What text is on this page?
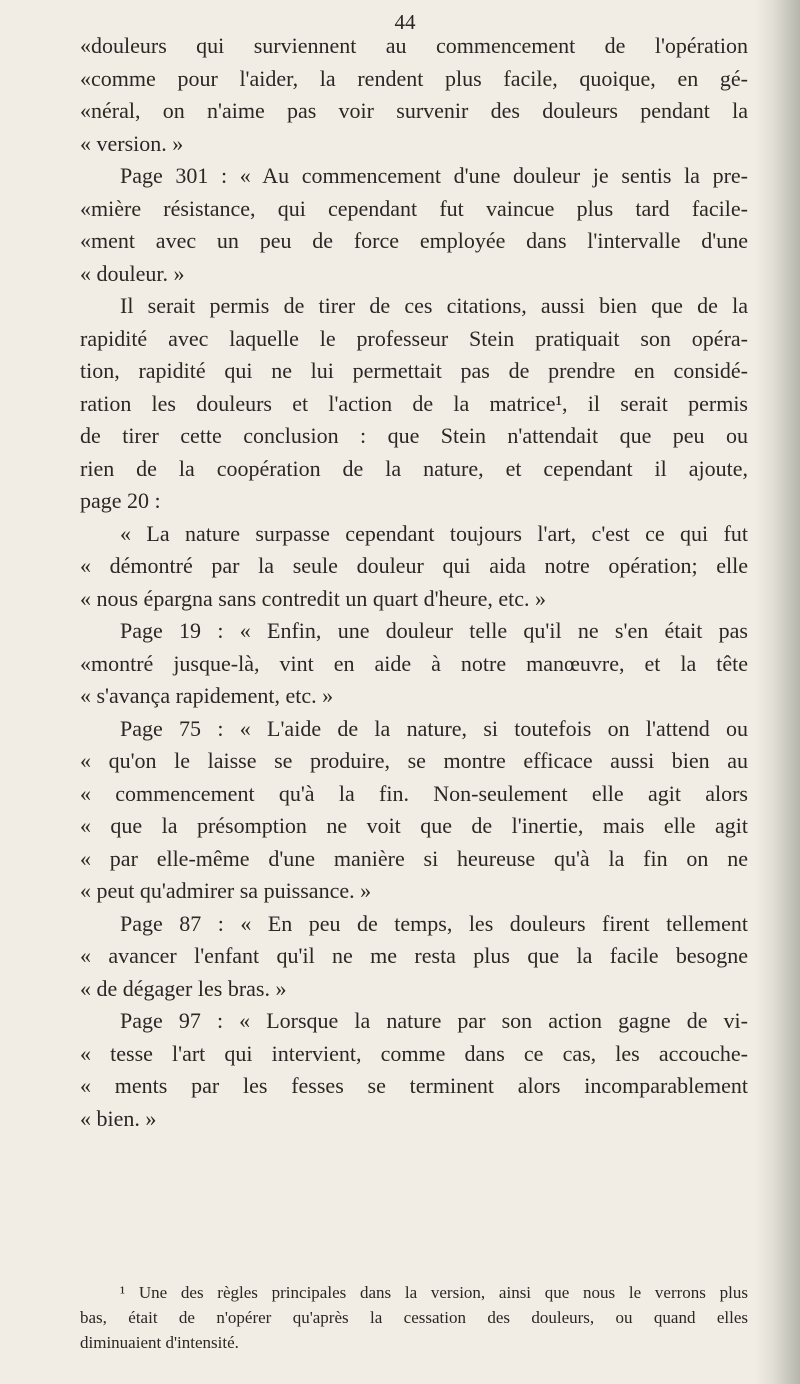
44
«douleurs qui surviennent au commencement de l'opération
«comme pour l'aider, la rendent plus facile, quoique, en gé-
«néral, on n'aime pas voir survenir des douleurs pendant la
« version. »
Page 301 : « Au commencement d'une douleur je sentis la pre-
«mière résistance, qui cependant fut vaincue plus tard facile-
«ment avec un peu de force employée dans l'intervalle d'une
« douleur. »
Il serait permis de tirer de ces citations, aussi bien que de la
rapidité avec laquelle le professeur Stein pratiquait son opéra-
tion, rapidité qui ne lui permettait pas de prendre en considé-
ration les douleurs et l'action de la matrice¹, il serait permis
de tirer cette conclusion : que Stein n'attendait que peu ou
rien de la coopération de la nature, et cependant il ajoute,
page 20 :
« La nature surpasse cependant toujours l'art, c'est ce qui fut
« démontré par la seule douleur qui aida notre opération; elle
« nous épargna sans contredit un quart d'heure, etc. »
Page 19 : « Enfin, une douleur telle qu'il ne s'en était pas
«montré jusque-là, vint en aide à notre manœuvre, et la tête
« s'avança rapidement, etc. »
Page 75 : « L'aide de la nature, si toutefois on l'attend ou
« qu'on le laisse se produire, se montre efficace aussi bien au
« commencement qu'à la fin. Non-seulement elle agit alors
« que la présomption ne voit que de l'inertie, mais elle agit
« par elle-même d'une manière si heureuse qu'à la fin on ne
« peut qu'admirer sa puissance. »
Page 87 : « En peu de temps, les douleurs firent tellement
« avancer l'enfant qu'il ne me resta plus que la facile besogne
« de dégager les bras. »
Page 97 : « Lorsque la nature par son action gagne de vi-
« tesse l'art qui intervient, comme dans ce cas, les accouche-
« ments par les fesses se terminent alors incomparablement
« bien. »
¹ Une des règles principales dans la version, ainsi que nous le verrons plus
bas, était de n'opérer qu'après la cessation des douleurs, ou quand elles
diminuaient d'intensité.
